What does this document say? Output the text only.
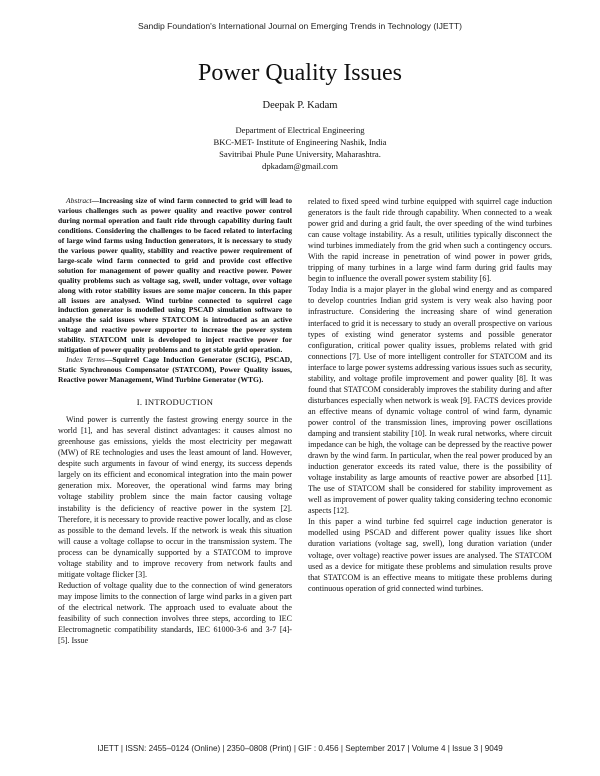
Sandip Foundation's International Journal on Emerging Trends in Technology (IJETT)
Power Quality Issues
Deepak P. Kadam
Department of Electrical Engineering
BKC-MET- Institute of Engineering Nashik, India
Savitribai Phule Pune University, Maharashtra.
dpkadam@gmail.com

Abstract—Increasing size of wind farm connected to grid will lead to various challenges such as power quality and reactive power control during normal operation and fault ride through capability during fault conditions. Considering the challenges to be faced related to interfacing of large wind farms using Induction generators, it is necessary to study the various power quality, stability and reactive power requirement of large-scale wind farm connected to grid and provide cost effective solution for management of power quality and reactive power. Power quality problems such as voltage sag, swell, under voltage, over voltage along with rotor stability issues are some major concern. In this paper all issues are analysed. Wind turbine connected to squirrel cage induction generator is modelled using PSCAD simulation software to analyse the said issues where STATCOM is introduced as an active voltage and reactive power supporter to increase the power system stability. STATCOM unit is developed to inject reactive power for mitigation of power quality problems and to get stable grid operation.

Index Terms—Squirrel Cage Induction Generator (SCIG), PSCAD, Static Synchronous Compensator (STATCOM), Power Quality issues, Reactive power Management, Wind Turbine Generator (WTG).

I. INTRODUCTION

Wind power is currently the fastest growing energy source in the world [1], and has several distinct advantages: it causes almost no greenhouse gas emissions, yields the most electricity per megawatt (MW) of RE technologies and uses the least amount of land. However, despite such arguments in favour of wind energy, its success depends largely on its efficient and economical integration into the main power generation mix. Moreover, the operational wind farms may bring voltage stability problem since the main factor causing voltage instability is the deficiency of reactive power in the system [2]. Therefore, it is necessary to provide reactive power locally, and as close as possible to the demand levels. If the network is weak this situation will cause a voltage collapse to occur in the transmission system. The process can be dynamically supported by a STATCOM to improve voltage stability and to improve recovery from network faults and mitigate voltage flicker [3].

Reduction of voltage quality due to the connection of wind generators may impose limits to the connection of large wind parks in a given part of the electrical network. The approach used to evaluate about the feasibility of such connection involves three steps, according to IEC Electromagnetic compatibility standards, IEC 61000-3-6 and 3-7 [4]-[5]. Issue

related to fixed speed wind turbine equipped with squirrel cage induction generators is the fault ride through capability. When connected to a weak power grid and during a grid fault, the over speeding of the wind turbines can cause voltage instability. As a result, utilities typically disconnect the wind turbines immediately from the grid when such a contingency occurs. With the rapid increase in penetration of wind power in power grids, tripping of many turbines in a large wind farm during grid faults may begin to influence the overall power system stability [6].

Today India is a major player in the global wind energy and as compared to develop countries Indian grid system is very weak also having poor infrastructure. Considering the increasing share of wind generation interfaced to grid it is necessary to study an overall prospective on various types of existing wind generator systems and possible generator configuration, critical power quality issues, problems related with grid connections [7]. Use of more intelligent controller for STATCOM and its interface to large power systems addressing various issues such as security, stability, and voltage profile improvement and power quality [8]. It was found that STATCOM considerably improves the stability during and after disturbances especially when network is weak [9]. FACTS devices provide an effective means of dynamic voltage control of wind farm, dynamic power control of the transmission lines, improving power oscillations damping and transient stability [10]. In weak rural networks, where circuit impedance can be high, the voltage can be depressed by the reactive power drawn by the wind farm. In particular, when the real power produced by an induction generator exceeds its rated value, there is the possibility of voltage instability as large amounts of reactive power are absorbed [11]. The use of STATCOM shall be considered for stability improvement as well as improvement of power quality taking considering techno economic aspects [12].

In this paper a wind turbine fed squirrel cage induction generator is modelled using PSCAD and different power quality issues like short duration variations (voltage sag, swell), long duration variation (under voltage, over voltage) reactive power issues are analysed. The STATCOM used as a device for mitigate these problems and simulation results prove that STATCOM is an effective means to mitigate these problems during continuous operation of grid connected wind turbines.

IJETT | ISSN: 2455–0124 (Online) | 2350–0808 (Print) | GIF : 0.456 | September 2017 | Volume 4 | Issue 3 | 9049
